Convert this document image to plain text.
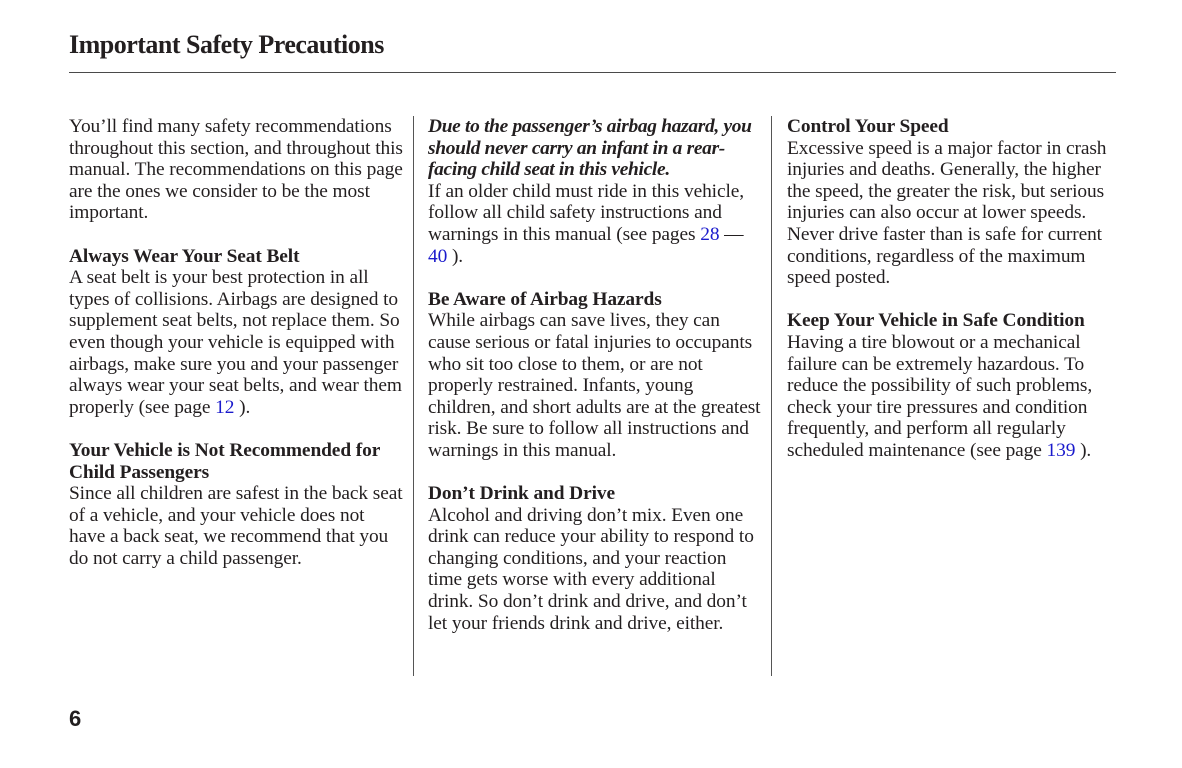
Important Safety Precautions

You’ll find many safety recommendations throughout this section, and throughout this manual. The recommendations on this page are the ones we consider to be the most important.

Always Wear Your Seat Belt
A seat belt is your best protection in all types of collisions. Airbags are designed to supplement seat belts, not replace them. So even though your vehicle is equipped with airbags, make sure you and your passenger always wear your seat belts, and wear them properly (see page 12 ).

Your Vehicle is Not Recommended for Child Passengers
Since all children are safest in the back seat of a vehicle, and your vehicle does not have a back seat, we recommend that you do not carry a child passenger.

Due to the passenger’s airbag hazard, you should never carry an infant in a rear-facing child seat in this vehicle.
If an older child must ride in this vehicle, follow all child safety instructions and warnings in this manual (see pages 28 — 40 ).

Be Aware of Airbag Hazards
While airbags can save lives, they can cause serious or fatal injuries to occupants who sit too close to them, or are not properly restrained. Infants, young children, and short adults are at the greatest risk. Be sure to follow all instructions and warnings in this manual.

Don’t Drink and Drive
Alcohol and driving don’t mix. Even one drink can reduce your ability to respond to changing conditions, and your reaction time gets worse with every additional drink. So don’t drink and drive, and don’t let your friends drink and drive, either.

Control Your Speed
Excessive speed is a major factor in crash injuries and deaths. Generally, the higher the speed, the greater the risk, but serious injuries can also occur at lower speeds. Never drive faster than is safe for current conditions, regardless of the maximum speed posted.

Keep Your Vehicle in Safe Condition
Having a tire blowout or a mechanical failure can be extremely hazardous. To reduce the possibility of such problems, check your tire pressures and condition frequently, and perform all regularly scheduled maintenance (see page 139 ).

6
